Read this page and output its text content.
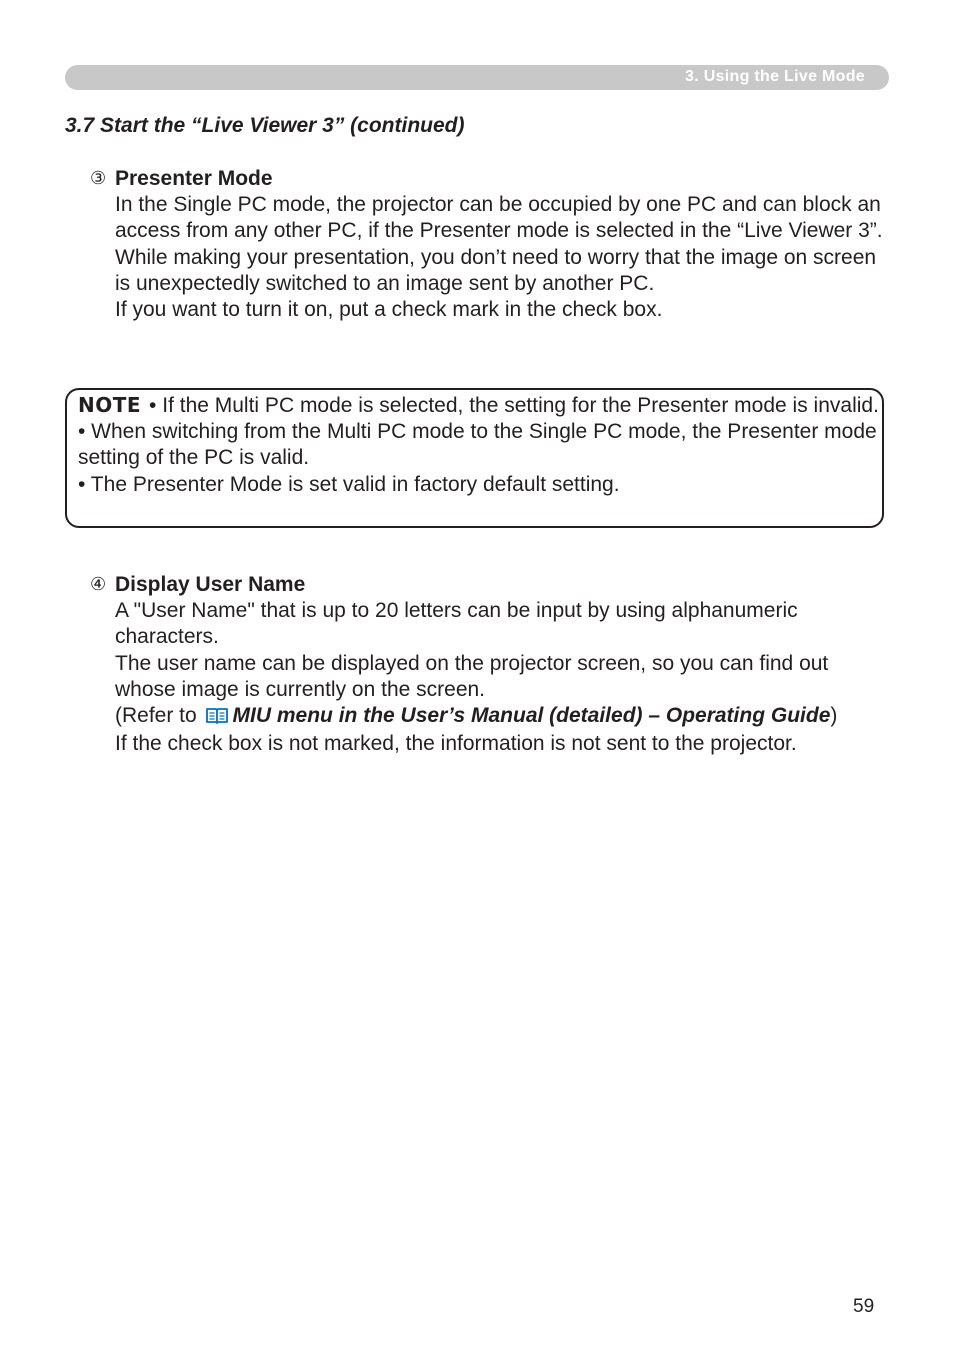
3. Using the Live Mode
3.7 Start the “Live Viewer 3” (continued)
③ Presenter Mode

In the Single PC mode, the projector can be occupied by one PC and can block an access from any other PC, if the Presenter mode is selected in the “Live Viewer 3”.

While making your presentation, you don’t need to worry that the image on screen is unexpectedly switched to an image sent by another PC.

If you want to turn it on, put a check mark in the check box.

NOTE • If the Multi PC mode is selected, the setting for the Presenter mode is invalid.

• When switching from the Multi PC mode to the Single PC mode, the Presenter mode setting of the PC is valid.

• The Presenter Mode is set valid in factory default setting.

④ Display User Name

A "User Name" that is up to 20 letters can be input by using alphanumeric characters.

The user name can be displayed on the projector screen, so you can find out whose image is currently on the screen.

(Refer to MIU menu in the User’s Manual (detailed) – Operating Guide)

If the check box is not marked, the information is not sent to the projector.

59
